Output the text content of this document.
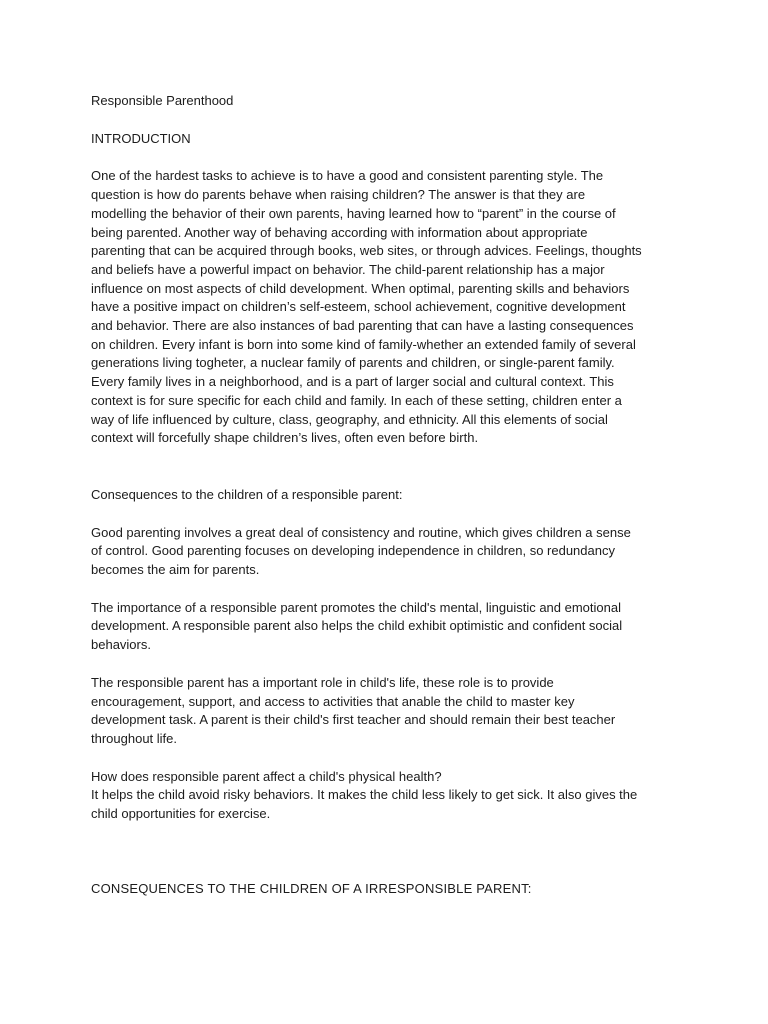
Responsible Parenthood

INTRODUCTION

One of the hardest tasks to achieve is to have a good and consistent parenting style. The
question is how do parents behave when raising children? The answer is that they are
modelling the behavior of their own parents, having learned how to “parent” in the course of
being parented. Another way of behaving according with information about appropriate
parenting that can be acquired through books, web sites, or through advices. Feelings, thoughts
and beliefs have a powerful impact on behavior. The child-parent relationship has a major
influence on most aspects of child development. When optimal, parenting skills and behaviors
have a positive impact on children’s self-esteem, school achievement, cognitive development
and behavior. There are also instances of bad parenting that can have a lasting consequences
on children. Every infant is born into some kind of family-whether an extended family of several
generations living togheter, a nuclear family of parents and children, or single-parent family.
Every family lives in a neighborhood, and is a part of larger social and cultural context. This
context is for sure specific for each child and family. In each of these setting, children enter a
way of life influenced by culture, class, geography, and ethnicity. All this elements of social
context will forcefully shape children’s lives, often even before birth.

Consequences to the children of a responsible parent:

Good parenting involves a great deal of consistency and routine, which gives children a sense
of control. Good parenting focuses on developing independence in children, so redundancy
becomes the aim for parents.

The importance of a responsible parent promotes the child's mental, linguistic and emotional
development. A responsible parent also helps the child exhibit optimistic and confident social
behaviors.

The responsible parent has a important role in child's life, these role is to provide
encouragement, support, and access to activities that anable the child to master key
development task. A parent is their child's first teacher and should remain their best teacher
throughout life.

How does responsible parent affect a child's physical health?

It helps the child avoid risky behaviors. It makes the child less likely to get sick. It also gives the
child opportunities for exercise.

CONSEQUENCES TO THE CHILDREN OF A IRRESPONSIBLE PARENT:
